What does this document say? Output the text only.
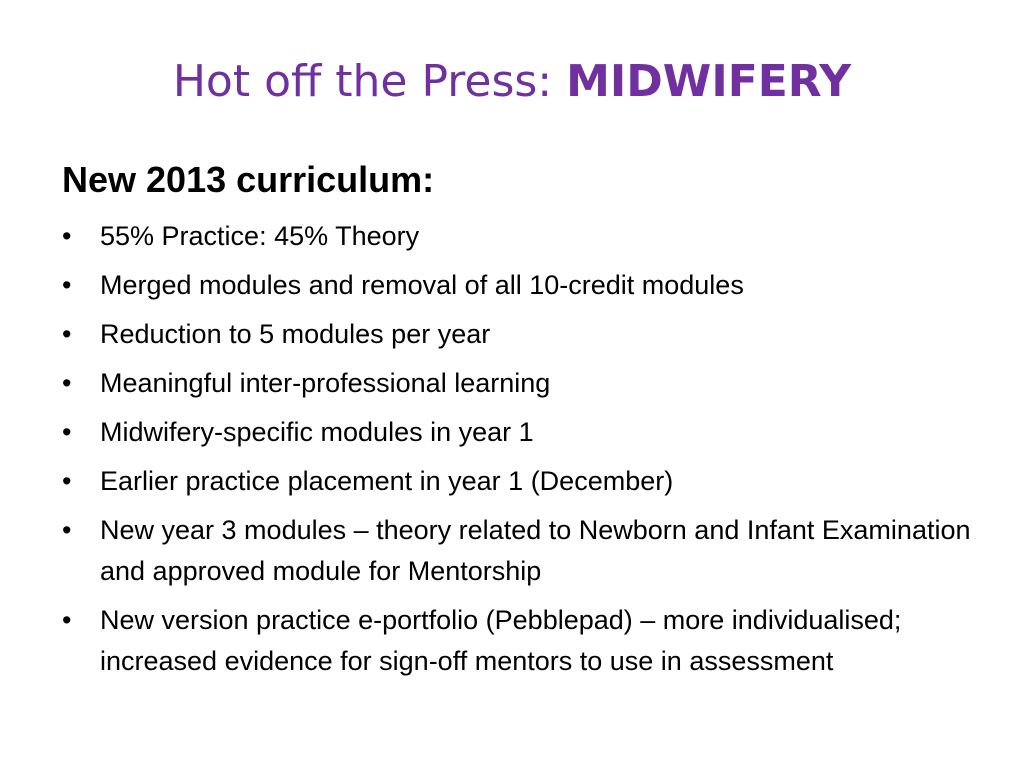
Hot off the Press: MIDWIFERY
New 2013 curriculum:
•	55% Practice: 45% Theory
•	Merged modules and removal of all 10-credit modules
•	Reduction to 5 modules per year
•	Meaningful inter-professional learning
•	Midwifery-specific modules in year 1
•	Earlier practice placement in year 1 (December)
•	New year 3 modules – theory related to Newborn and Infant Examination and approved module for Mentorship
•	New version practice e-portfolio (Pebblepad) – more individualised; increased evidence for sign-off mentors to use in assessment
